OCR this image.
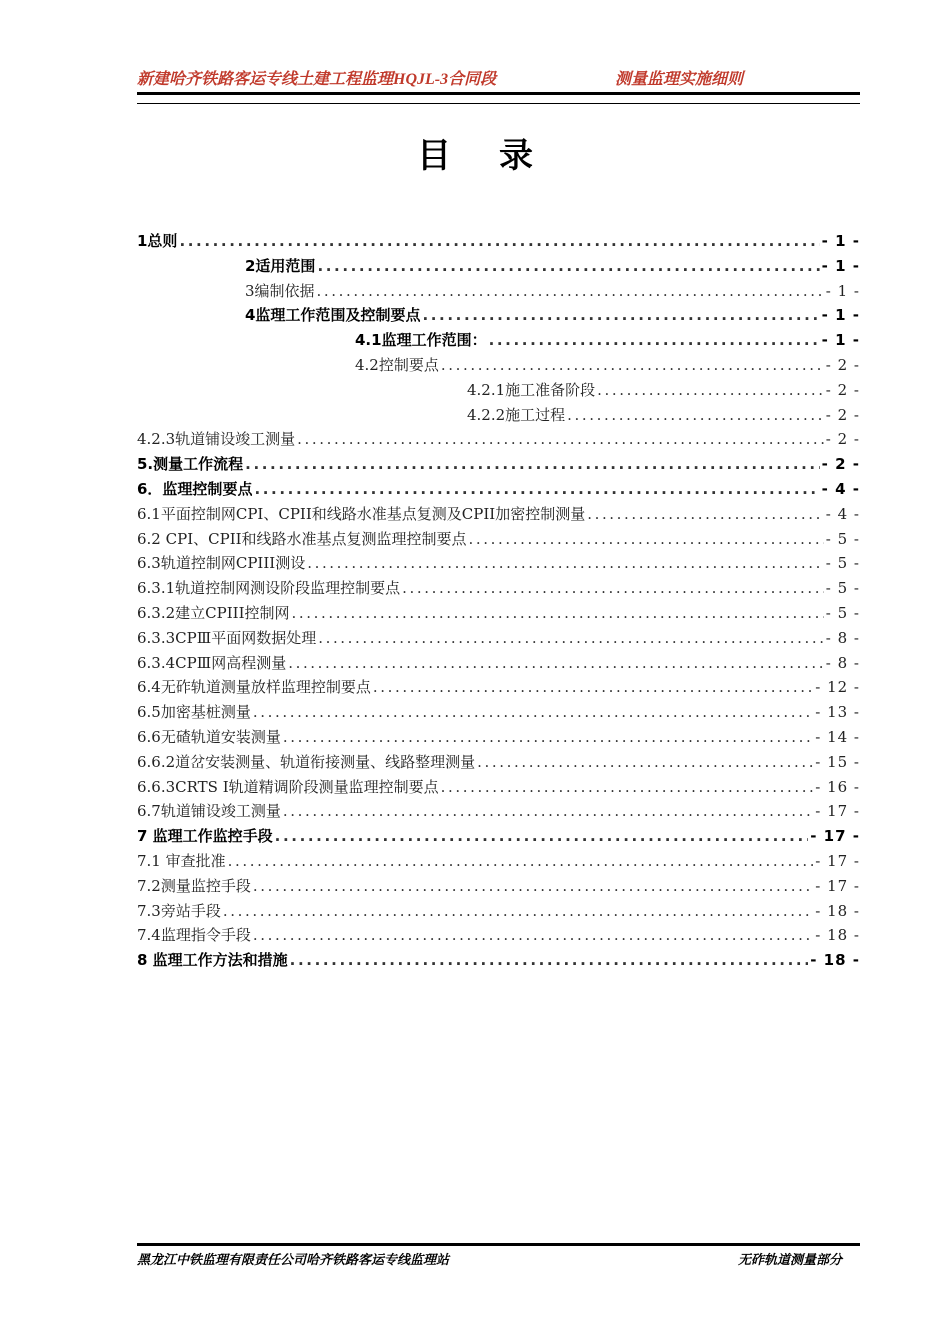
新建哈齐铁路客运专线土建工程监理HQJL-3合同段	测量监理实施细则
目录
1总则 .....	- 1 -
2适用范围 .....	- 1 -
3编制依据 .....	- 1 -
4监理工作范围及控制要点 .....	- 1 -
4.1监理工作范围： .....	- 1 -
4.2控制要点 .....	- 2 -
4.2.1施工准备阶段 .....	- 2 -
4.2.2施工过程 .....	- 2 -
4.2.3轨道铺设竣工测量 .....	- 2 -
5.测量工作流程 .....	- 2 -
6．监理控制要点 .....	- 4 -
6.1平面控制网CPI、CPII和线路水准基点复测及CPII加密控制测量 .....	- 4 -
6.2 CPI、CPII和线路水准基点复测监理控制要点 .....	- 5 -
6.3轨道控制网CPIII测设 .....	- 5 -
6.3.1轨道控制网测设阶段监理控制要点 .....	- 5 -
6.3.2建立CPIII控制网 .....	- 5 -
6.3.3CPⅢ平面网数据处理 .....	- 8 -
6.3.4CPⅢ网高程测量 .....	- 8 -
6.4无砟轨道测量放样监理控制要点 .....	- 12 -
6.5加密基桩测量 .....	- 13 -
6.6无碴轨道安装测量 .....	- 14 -
6.6.2道岔安装测量、轨道衔接测量、线路整理测量 .....	- 15 -
6.6.3CRTS Ⅰ轨道精调阶段测量监理控制要点 .....	- 16 -
6.7轨道铺设竣工测量 .....	- 17 -
7 监理工作监控手段 .....	- 17 -
7.1 审查批准 .....	- 17 -
7.2测量监控手段 .....	- 17 -
7.3旁站手段 .....	- 18 -
7.4监理指令手段 .....	- 18 -
8 监理工作方法和措施 .....	- 18 -
黑龙江中铁监理有限责任公司哈齐铁路客运专线监理站	无砟轨道测量部分
